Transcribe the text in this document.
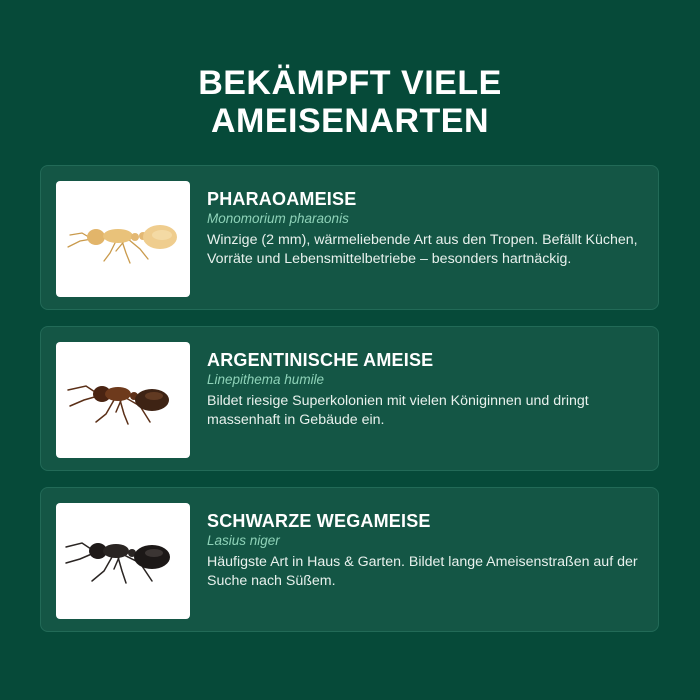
BEKÄMPFT VIELE
AMEISENARTEN

PHARAOAMEISE

Monomorium pharaonis

Winzige (2 mm), wärmeliebende Art aus den Tropen. Befällt Küchen, Vorräte und Lebensmittelbetriebe – besonders hartnäckig.

ARGENTINISCHE AMEISE

Linepithema humile

Bildet riesige Superkolonien mit vielen Königinnen und dringt massenhaft in Gebäude ein.

SCHWARZE WEGAMEISE

Lasius niger

Häufigste Art in Haus & Garten. Bildet lange Ameisenstraßen auf der Suche nach Süßem.
